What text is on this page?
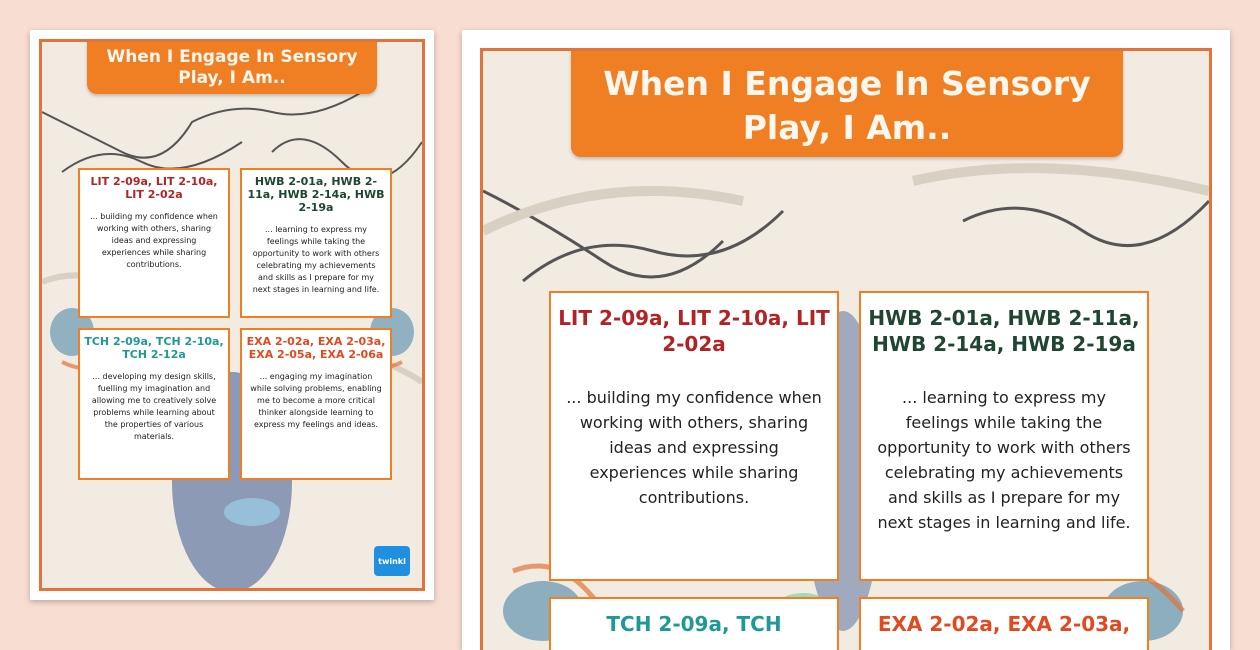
When I Engage In Sensory Play, I Am..
LIT 2-09a, LIT 2-10a, LIT 2-02a
... building my confidence when working with others, sharing ideas and expressing experiences while sharing contributions.
HWB 2-01a, HWB 2-11a, HWB 2-14a, HWB 2-19a
... learning to express my feelings while taking the opportunity to work with others celebrating my achievements and skills as I prepare for my next stages in learning and life.
TCH 2-09a, TCH 2-10a, TCH 2-12a
... developing my design skills, fuelling my imagination and allowing me to creatively solve problems while learning about the properties of various materials.
EXA 2-02a, EXA 2-03a, EXA 2-05a, EXA 2-06a
... engaging my imagination while solving problems, enabling me to become a more critical thinker alongside learning to express my feelings and ideas.
twinkl
When I Engage In Sensory Play, I Am..
LIT 2-09a, LIT 2-10a, LIT 2-02a
... building my confidence when working with others, sharing ideas and expressing experiences while sharing contributions.
HWB 2-01a, HWB 2-11a, HWB 2-14a, HWB 2-19a
... learning to express my feelings while taking the opportunity to work with others celebrating my achievements and skills as I prepare for my next stages in learning and life.
TCH 2-09a, TCH	EXA 2-02a, EXA 2-03a,
